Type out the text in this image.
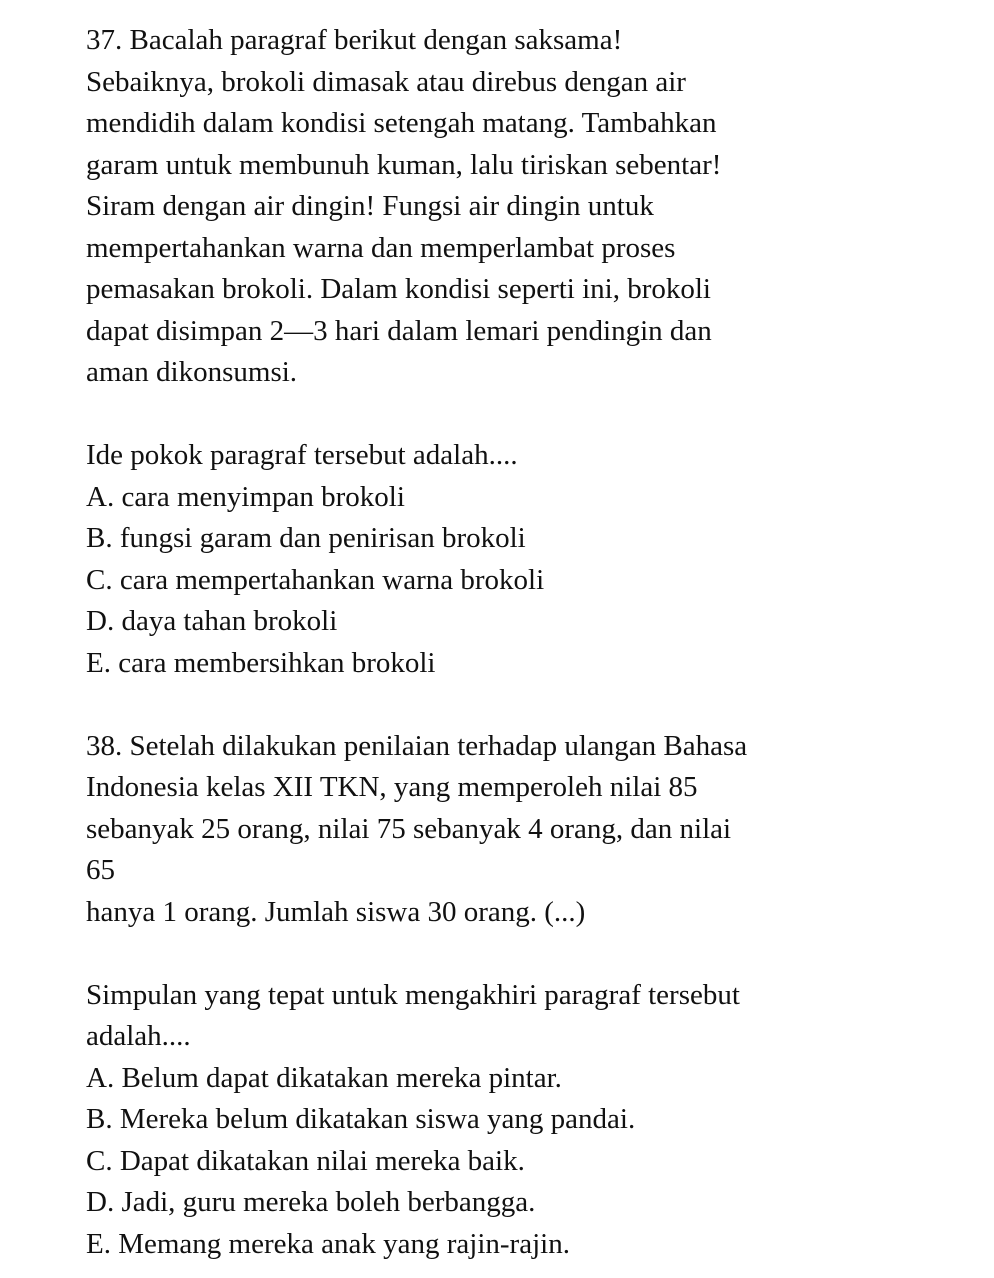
37. Bacalah paragraf berikut dengan saksama!
Sebaiknya, brokoli dimasak atau direbus dengan air
mendidih dalam kondisi setengah matang. Tambahkan
garam untuk membunuh kuman, lalu tiriskan sebentar!
Siram dengan air dingin! Fungsi air dingin untuk
mempertahankan warna dan memperlambat proses
pemasakan brokoli. Dalam kondisi seperti ini, brokoli
dapat disimpan 2—3 hari dalam lemari pendingin dan
aman dikonsumsi.
Ide pokok paragraf tersebut adalah....
A. cara menyimpan brokoli
B. fungsi garam dan penirisan brokoli
C. cara mempertahankan warna brokoli
D. daya tahan brokoli
E. cara membersihkan brokoli
38. Setelah dilakukan penilaian terhadap ulangan Bahasa
Indonesia kelas XII TKN, yang memperoleh nilai 85
sebanyak 25 orang, nilai 75 sebanyak 4 orang, dan nilai
65
hanya 1 orang. Jumlah siswa 30 orang. (...)
Simpulan yang tepat untuk mengakhiri paragraf tersebut
adalah....
A. Belum dapat dikatakan mereka pintar.
B. Mereka belum dikatakan siswa yang pandai.
C. Dapat dikatakan nilai mereka baik.
D. Jadi, guru mereka boleh berbangga.
E. Memang mereka anak yang rajin-rajin.
